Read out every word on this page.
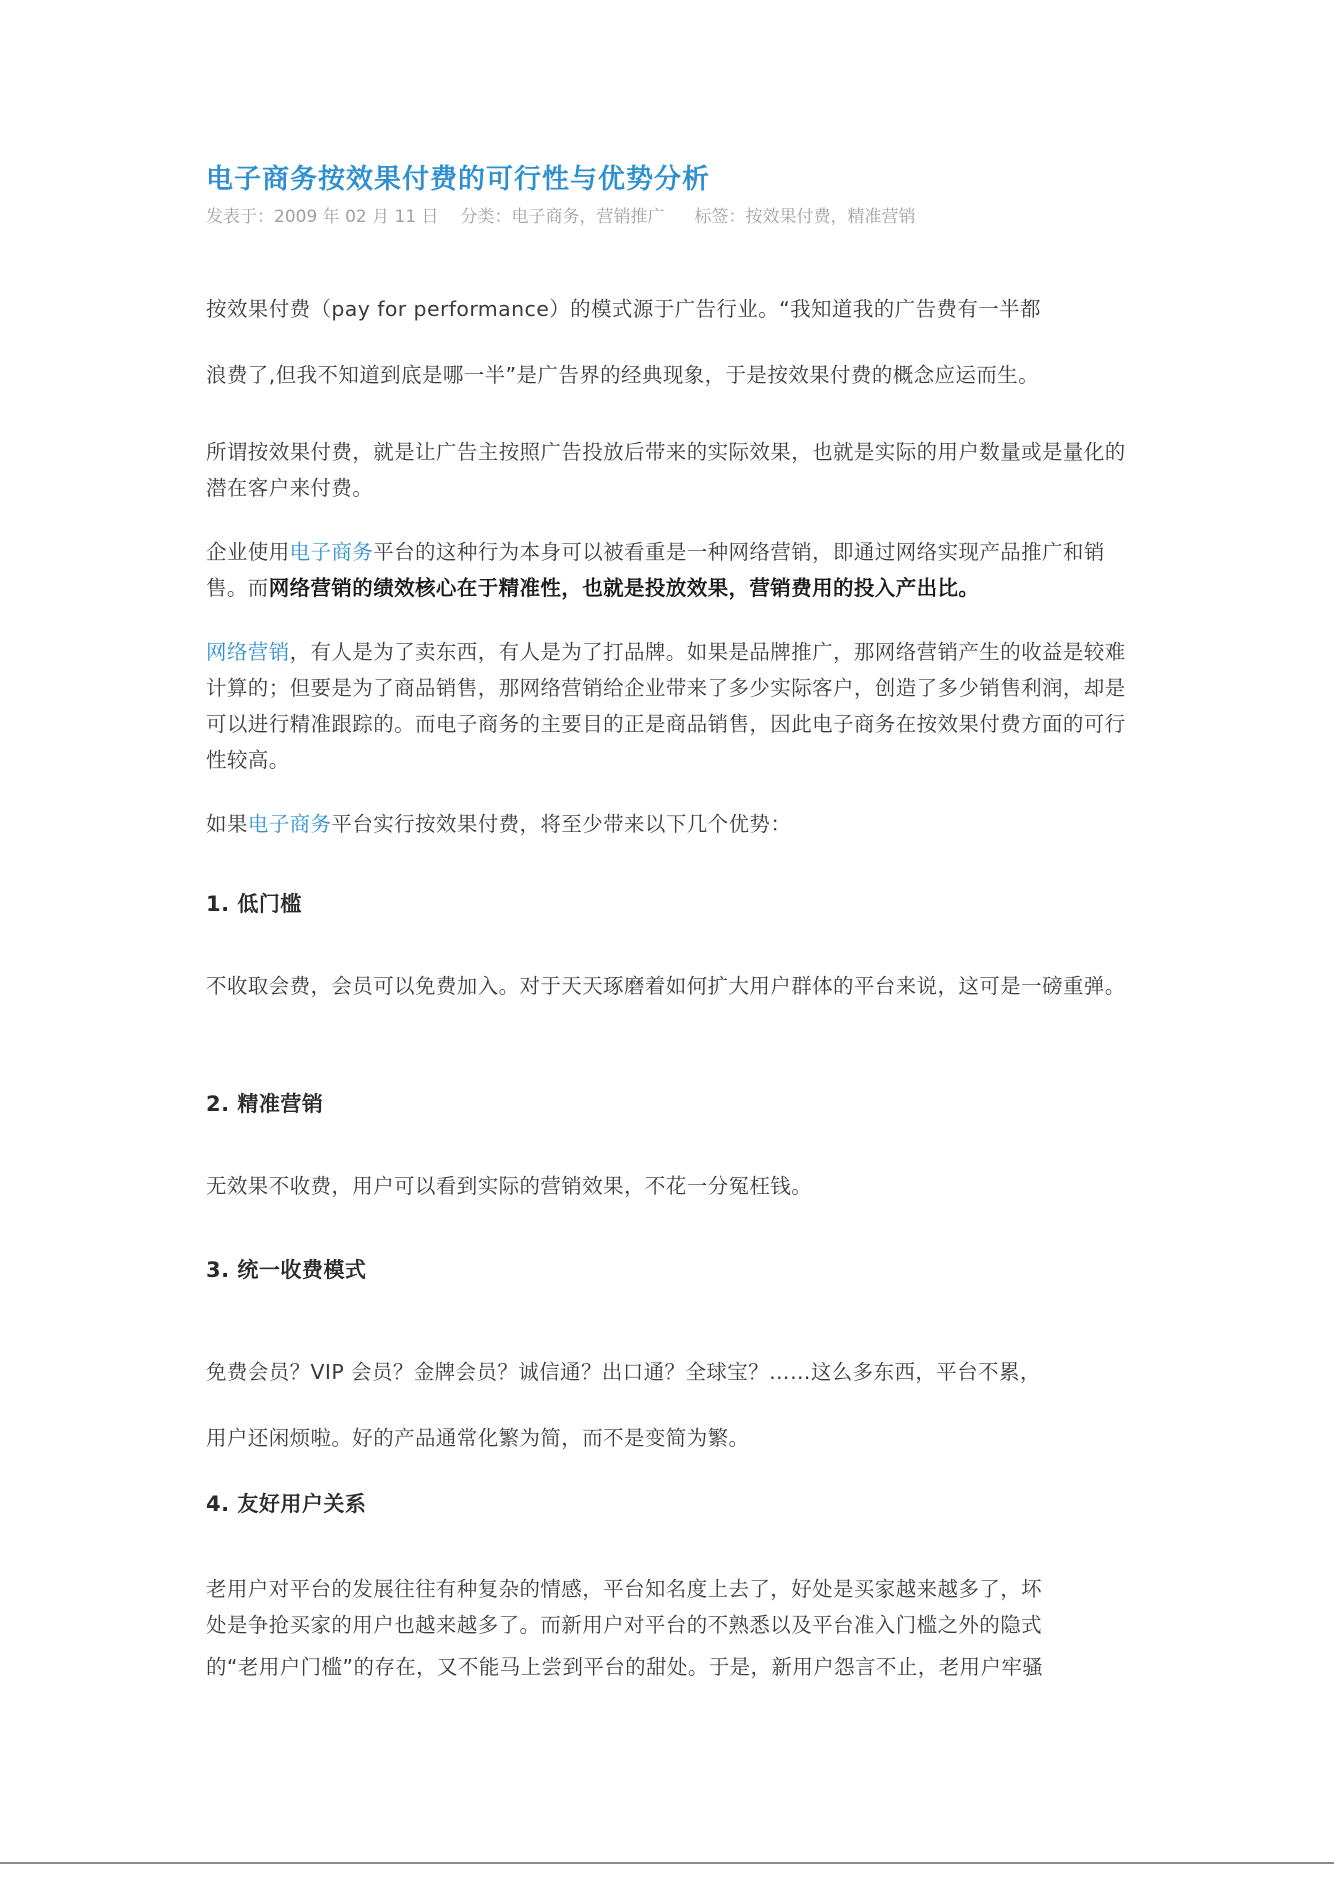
电子商务按效果付费的可行性与优势分析
发表于：2009 年 02 月 11 日 分类：电子商务，营销推广 标签：按效果付费，精准营销

按效果付费（pay for performance）的模式源于广告行业。“我知道我的广告费有一半都
浪费了,但我不知道到底是哪一半”是广告界的经典现象，于是按效果付费的概念应运而生。

所谓按效果付费，就是让广告主按照广告投放后带来的实际效果，也就是实际的用户数量或是量化的潜在客户来付费。

企业使用电子商务平台的这种行为本身可以被看重是一种网络营销，即通过网络实现产品推广和销售。而网络营销的绩效核心在于精准性，也就是投放效果，营销费用的投入产出比。

网络营销，有人是为了卖东西，有人是为了打品牌。如果是品牌推广，那网络营销产生的收益是较难计算的；但要是为了商品销售，那网络营销给企业带来了多少实际客户，创造了多少销售利润，却是可以进行精准跟踪的。而电子商务的主要目的正是商品销售，因此电子商务在按效果付费方面的可行性较高。

如果电子商务平台实行按效果付费，将至少带来以下几个优势：

1. 低门槛

不收取会费，会员可以免费加入。对于天天琢磨着如何扩大用户群体的平台来说，这可是一磅重弹。

2. 精准营销

无效果不收费，用户可以看到实际的营销效果，不花一分冤枉钱。

3. 统一收费模式

免费会员？VIP 会员？金牌会员？诚信通？出口通？全球宝？……这么多东西，平台不累，
用户还闲烦啦。好的产品通常化繁为简，而不是变简为繁。

4. 友好用户关系

老用户对平台的发展往往有种复杂的情感，平台知名度上去了，好处是买家越来越多了，坏
处是争抢买家的用户也越来越多了。而新用户对平台的不熟悉以及平台准入门槛之外的隐式

的“老用户门槛”的存在，又不能马上尝到平台的甜处。于是，新用户怨言不止，老用户牢骚
